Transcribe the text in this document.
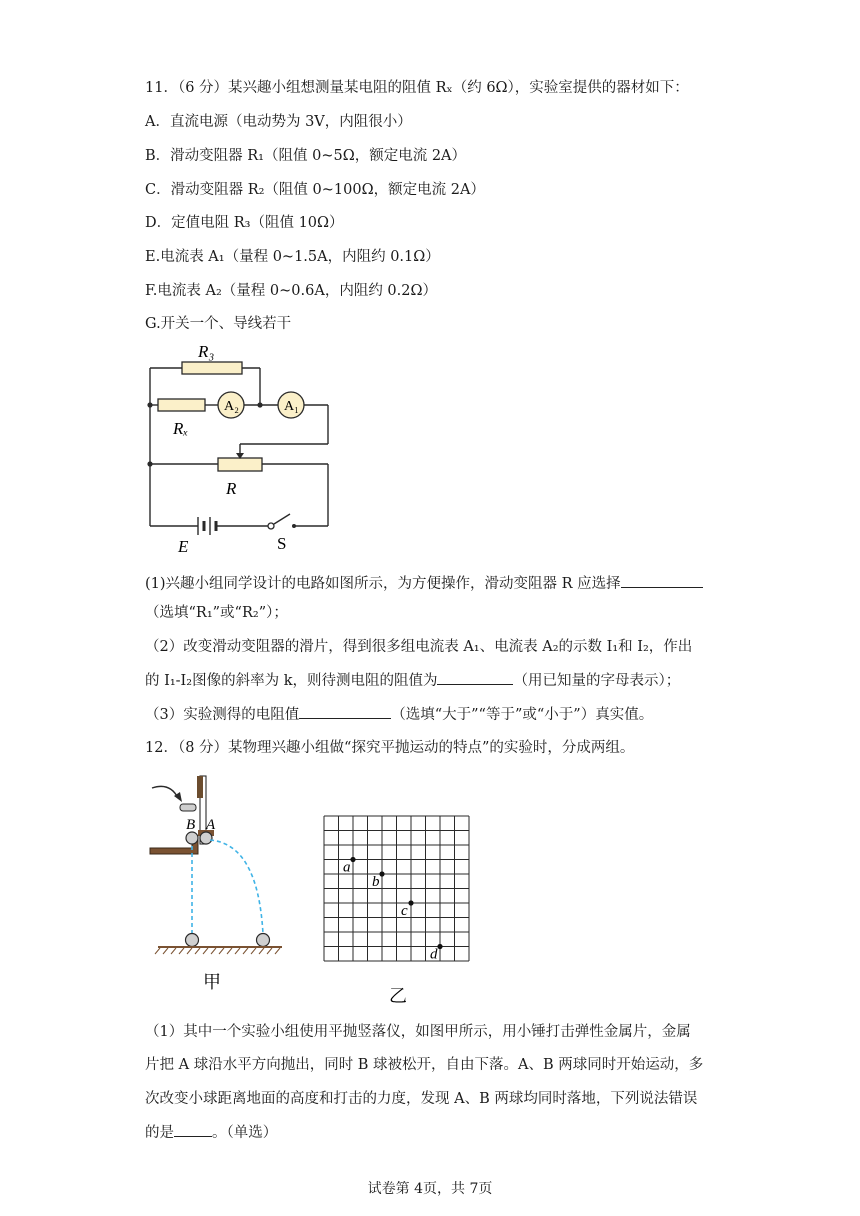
11．（6 分）某兴趣小组想测量某电阻的阻值 Rₓ（约 6Ω），实验室提供的器材如下：
A．直流电源（电动势为 3V，内阻很小）
B．滑动变阻器 R₁（阻值 0~5Ω，额定电流 2A）
C．滑动变阻器 R₂（阻值 0~100Ω，额定电流 2A）
D．定值电阻 R₃（阻值 10Ω）
E.电流表 A₁（量程 0~1.5A，内阻约 0.1Ω）
F.电流表 A₂（量程 0~0.6A，内阻约 0.2Ω）
G.开关一个、导线若干
R₃
Rₓ
A₂	A₁
R
E	S
(1)兴趣小组同学设计的电路如图所示，为方便操作，滑动变阻器 R 应选择
（选填“R₁”或“R₂”）；
（2）改变滑动变阻器的滑片，得到很多组电流表 A₁、电流表 A₂的示数 I₁和 I₂，作出
的 I₁-I₂图像的斜率为 k，则待测电阻的阻值为	（用已知量的字母表示）；
（3）实验测得的电阻值	（选填“大于”“等于”或“小于”）真实值。
12．（8 分）某物理兴趣小组做“探究平抛运动的特点”的实验时，分成两组。
B A
甲
a
b
c
d
乙
（1）其中一个实验小组使用平抛竖落仪，如图甲所示，用小锤打击弹性金属片，金属
片把 A 球沿水平方向抛出，同时 B 球被松开，自由下落。A、B 两球同时开始运动，多
次改变小球距离地面的高度和打击的力度，发现 A、B 两球均同时落地，下列说法错误
的是	。（单选）
试卷第 4页，共 7页
